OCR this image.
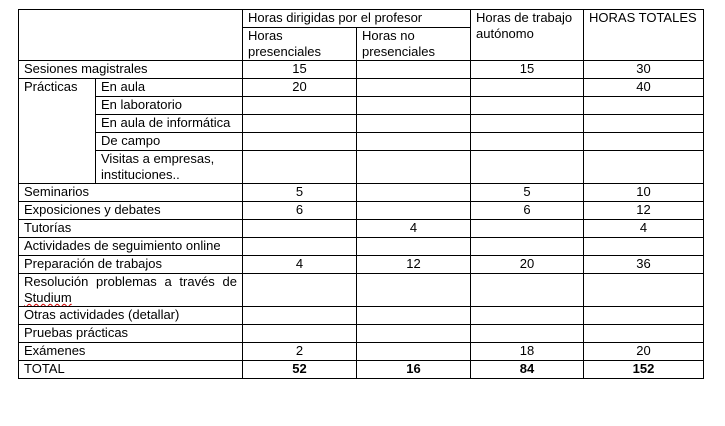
		Horas dirigidas por el profesor		Horas de trabajo autónomo	HORAS TOTALES
		Horas presenciales	Horas no presenciales		
Sesiones magistrales		15		15	30
Prácticas	En aula	20			40
	En laboratorio				
	En aula de informática				
	De campo				
	Visitas a empresas, instituciones..				
Seminarios		5		5	10
Exposiciones y debates		6		6	12
Tutorías			4		4
Actividades de seguimiento online					
Preparación de trabajos		4	12	20	36

Resolución problemas a través de
Studium					

Otras actividades (detallar)					
Pruebas prácticas					
Exámenes		2		18	20
TOTAL		52	16	84	152
